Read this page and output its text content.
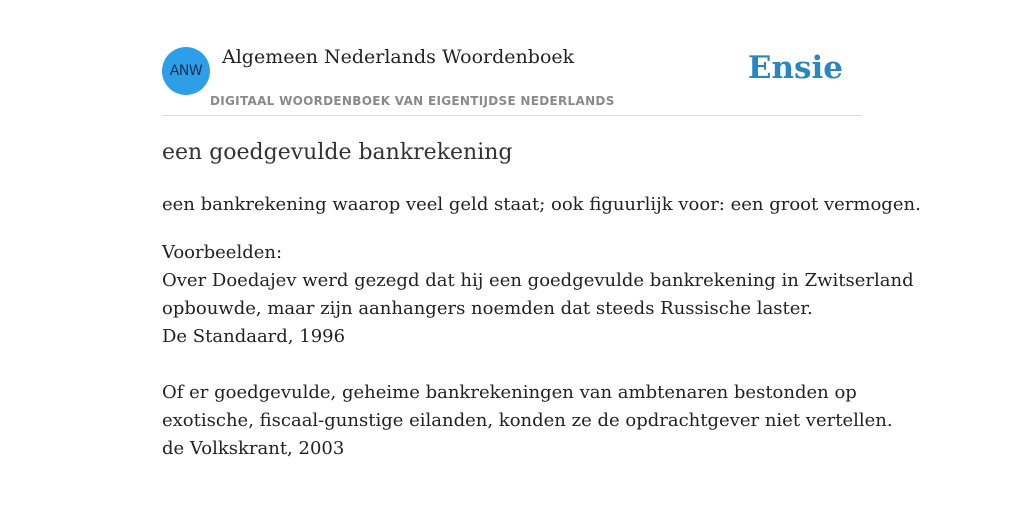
ANW
Algemeen Nederlands Woordenboek
DIGITAAL WOORDENBOEK VAN EIGENTIJDSE NEDERLANDS
Ensie
een goedgevulde bankrekening
een bankrekening waarop veel geld staat; ook figuurlijk voor: een groot vermogen.
Voorbeelden:
Over Doedajev werd gezegd dat hij een goedgevulde bankrekening in Zwitserland
opbouwde, maar zijn aanhangers noemden dat steeds Russische laster.
De Standaard, 1996
Of er goedgevulde, geheime bankrekeningen van ambtenaren bestonden op
exotische, fiscaal-gunstige eilanden, konden ze de opdrachtgever niet vertellen.
de Volkskrant, 2003
